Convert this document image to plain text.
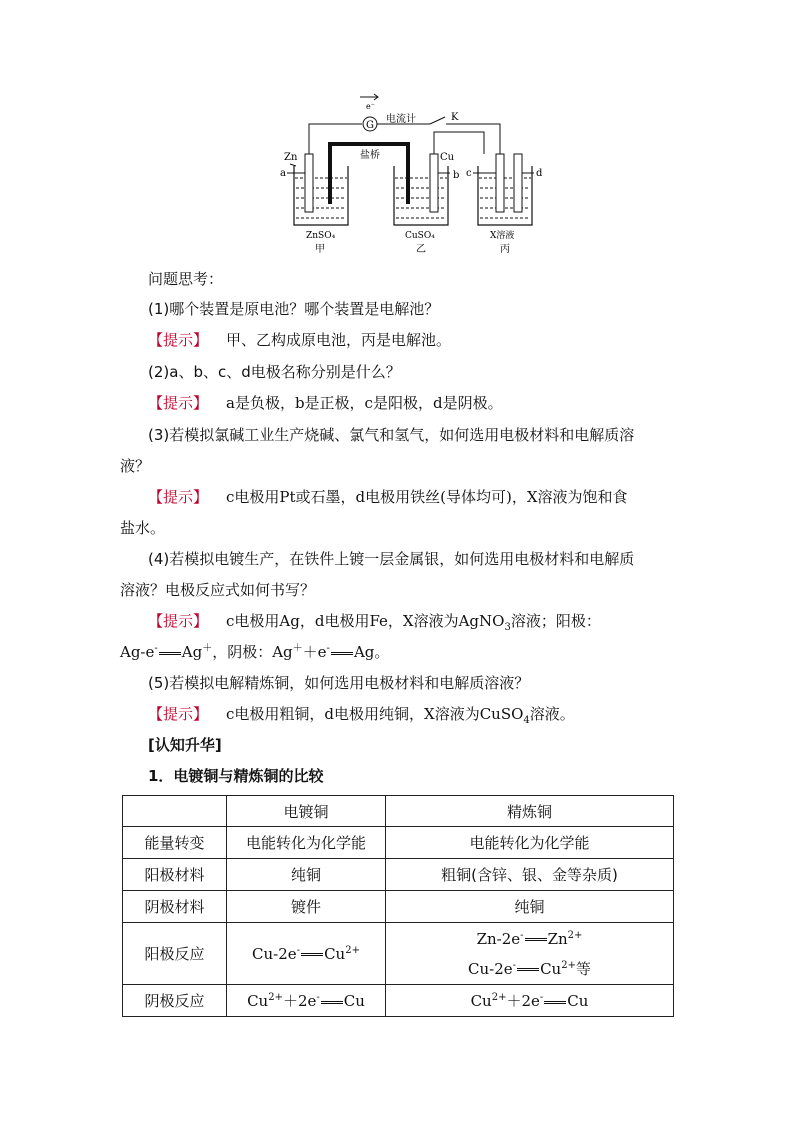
e⁻
G
电流计	K
盐桥
Zn	Cu
a	b c	d
ZnSO₄
甲
CuSO₄
乙
X溶液
丙
问题思考：
(1)哪个装置是原电池？哪个装置是电解池？
【提示】 甲、乙构成原电池，丙是电解池。
(2)a、b、c、d电极名称分别是什么？
【提示】 a是负极，b是正极，c是阳极，d是阴极。
(3)若模拟氯碱工业生产烧碱、氯气和氢气，如何选用电极材料和电解质溶
液？
【提示】 c电极用Pt或石墨，d电极用铁丝(导体均可)，X溶液为饱和食
盐水。
(4)若模拟电镀生产，在铁件上镀一层金属银，如何选用电极材料和电解质
溶液？电极反应式如何书写？
【提示】 c电极用Ag，d电极用Fe，X溶液为AgNO$_3$溶液；阳极：
Ag-e- Ag＋，阴极：Ag＋＋e- Ag。
(5)若模拟电解精炼铜，如何选用电极材料和电解质溶液？
【提示】 c电极用粗铜，d电极用纯铜，X溶液为CuSO$_4$溶液。
[认知升华]
1．电镀铜与精炼铜的比较
	电镀铜	精炼铜
能量转变	电能转化为化学能	电能转化为化学能
阳极材料	纯铜	粗铜(含锌、银、金等杂质)
阴极材料	镀件	纯铜
阳极反应	Cu-2e- $Cu^{2+}$	Zn-2e- $Zn^{2+}$
Cu-2e- $Cu^{2+}$等

阴极反应	$Cu^{2+}+2e^-$ Cu	$Cu^{2+}+2e^-$ Cu
